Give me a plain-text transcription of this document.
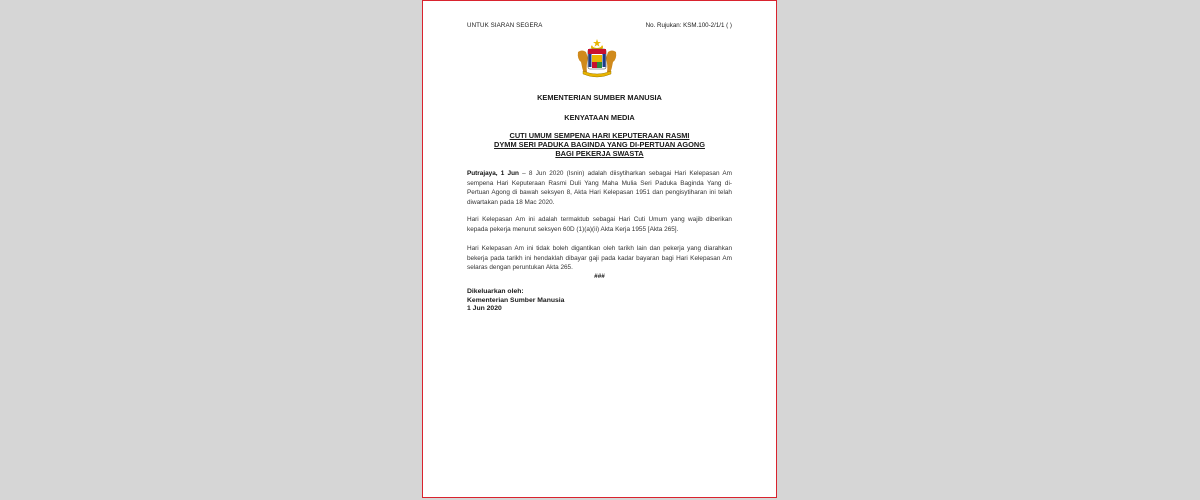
UNTUK SIARAN SEGERA	No. Rujukan: KSM.100-2/1/1 ( )
KEMENTERIAN SUMBER MANUSIA
KENYATAAN MEDIA
CUTI UMUM SEMPENA HARI KEPUTERAAN RASMI
DYMM SERI PADUKA BAGINDA YANG DI-PERTUAN AGONG
BAGI PEKERJA SWASTA
Putrajaya, 1 Jun – 8 Jun 2020 (Isnin) adalah diisytiharkan sebagai Hari Kelepasan Am sempena Hari Keputeraan Rasmi Duli Yang Maha Mulia Seri Paduka Baginda Yang di-Pertuan Agong di bawah seksyen 8, Akta Hari Kelepasan 1951 dan pengisytiharan ini telah diwartakan pada 18 Mac 2020.
Hari Kelepasan Am ini adalah termaktub sebagai Hari Cuti Umum yang wajib diberikan kepada pekerja menurut seksyen 60D (1)(a)(ii) Akta Kerja 1955 [Akta 265].
Hari Kelepasan Am ini tidak boleh digantikan oleh tarikh lain dan pekerja yang diarahkan bekerja pada tarikh ini hendaklah dibayar gaji pada kadar bayaran bagi Hari Kelepasan Am selaras dengan peruntukan Akta 265.
###
Dikeluarkan oleh:
Kementerian Sumber Manusia
1 Jun 2020
